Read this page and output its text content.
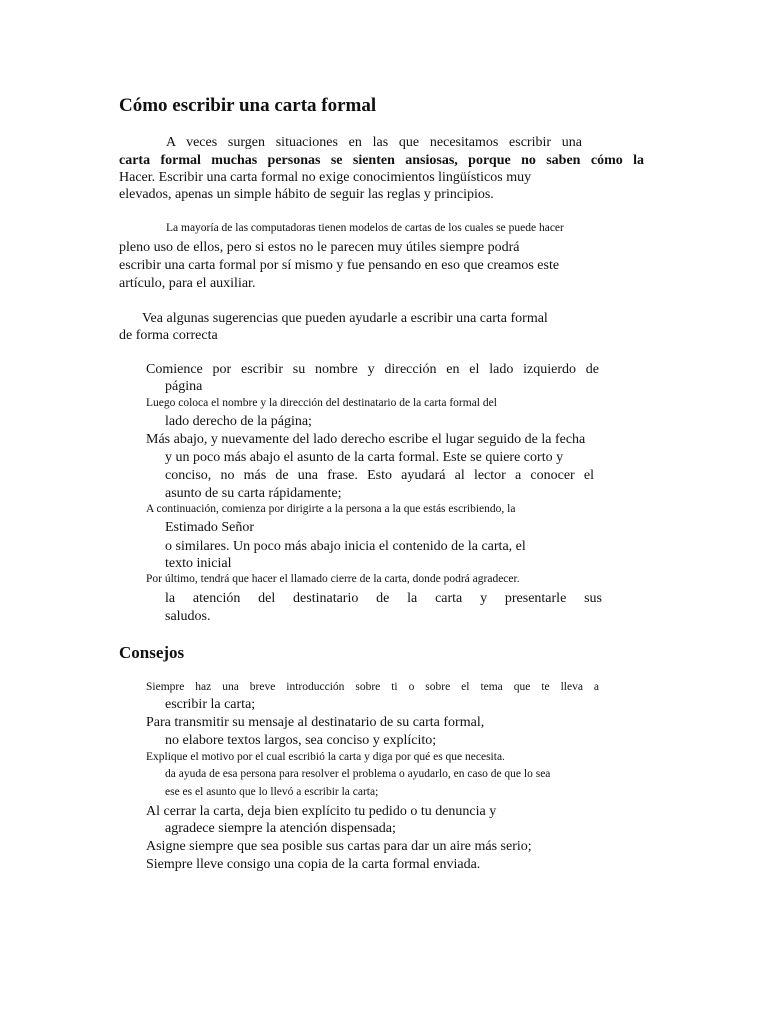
Cómo escribir una carta formal
A veces surgen situaciones en las que necesitamos escribir una
carta formal muchas personas se sienten ansiosas, porque no saben cómo la
Hacer. Escribir una carta formal no exige conocimientos lingüísticos muy
elevados, apenas un simple hábito de seguir las reglas y principios.
La mayoría de las computadoras tienen modelos de cartas de los cuales se puede hacer
pleno uso de ellos, pero si estos no le parecen muy útiles siempre podrá
escribir una carta formal por sí mismo y fue pensando en eso que creamos este
artículo, para el auxiliar.
Vea algunas sugerencias que pueden ayudarle a escribir una carta formal
de forma correcta
Comience por escribir su nombre y dirección en el lado izquierdo de
página
Luego coloca el nombre y la dirección del destinatario de la carta formal del
lado derecho de la página;
Más abajo, y nuevamente del lado derecho escribe el lugar seguido de la fecha
y un poco más abajo el asunto de la carta formal. Este se quiere corto y
conciso, no más de una frase. Esto ayudará al lector a conocer el
asunto de su carta rápidamente;
A continuación, comienza por dirigirte a la persona a la que estás escribiendo, la
Estimado Señor
o similares. Un poco más abajo inicia el contenido de la carta, el
texto inicial
Por último, tendrá que hacer el llamado cierre de la carta, donde podrá agradecer.
la atención del destinatario de la carta y presentarle sus
saludos.
Consejos
Siempre haz una breve introducción sobre ti o sobre el tema que te lleva a
escribir la carta;
Para transmitir su mensaje al destinatario de su carta formal,
no elabore textos largos, sea conciso y explícito;
Explique el motivo por el cual escribió la carta y diga por qué es que necesita.
da ayuda de esa persona para resolver el problema o ayudarlo, en caso de que lo sea
ese es el asunto que lo llevó a escribir la carta;
Al cerrar la carta, deja bien explícito tu pedido o tu denuncia y
agradece siempre la atención dispensada;
Asigne siempre que sea posible sus cartas para dar un aire más serio;
Siempre lleve consigo una copia de la carta formal enviada.
